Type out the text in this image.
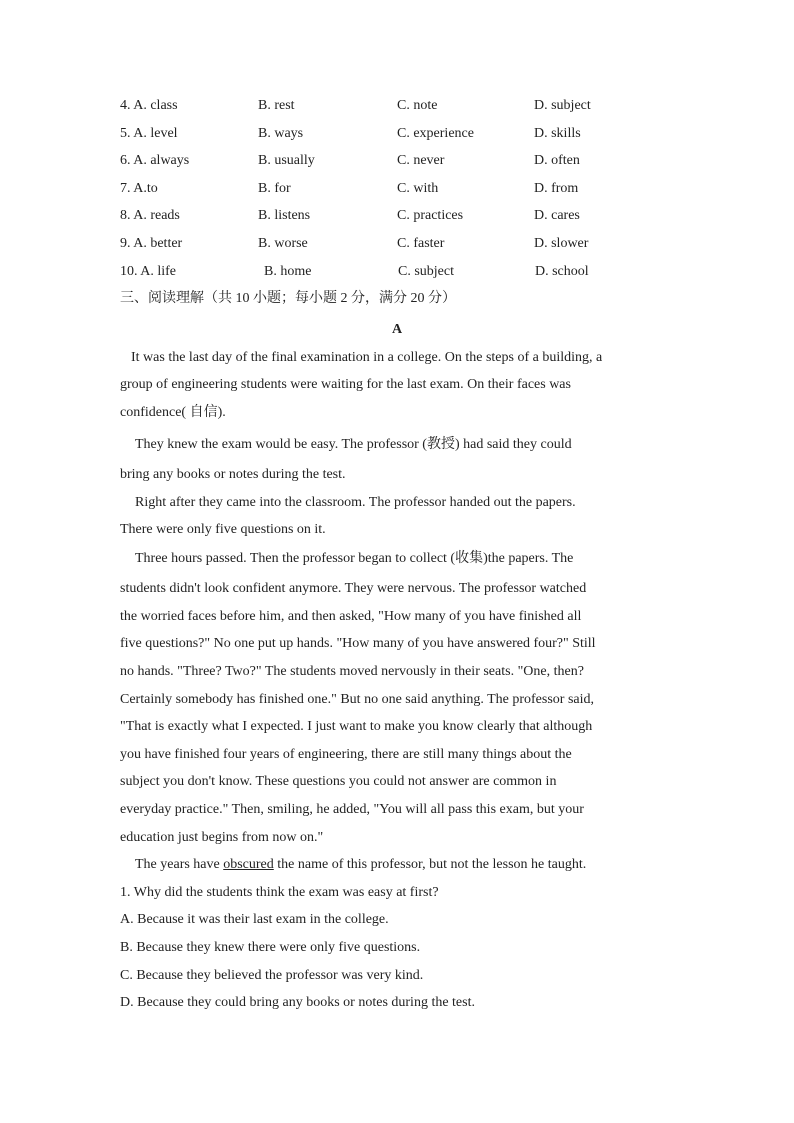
4. A. class	B. rest	C. note	D. subject
5. A. level	B. ways	C. experience	D. skills
6. A. always	B. usually	C. never	D. often
7. A.to	B. for	C. with	D. from
8. A. reads	B. listens	C. practices	D. cares
9. A. better	B. worse	C. faster	D. slower
10. A. life	B. home	C. subject	D. school
三、阅读理解（共 10 小题；每小题 2 分，满分 20 分）
A
It was the last day of the final examination in a college. On the steps of a building, a
group of engineering students were waiting for the last exam. On their faces was
confidence( 自信).
They knew the exam would be easy. The professor (教授) had said they could
bring any books or notes during the test.
Right after they came into the classroom. The professor handed out the papers.
There were only five questions on it.
Three hours passed. Then the professor began to collect (收集)the papers. The
students didn't look confident anymore. They were nervous. The professor watched
the worried faces before him, and then asked, "How many of you have finished all
five questions?" No one put up hands. "How many of you have answered four?" Still
no hands. "Three? Two?" The students moved nervously in their seats. "One, then?
Certainly somebody has finished one." But no one said anything. The professor said,
"That is exactly what I expected. I just want to make you know clearly that although
you have finished four years of engineering, there are still many things about the
subject you don't know. These questions you could not answer are common in
everyday practice." Then, smiling, he added, "You will all pass this exam, but your
education just begins from now on."
The years have obscured the name of this professor, but not the lesson he taught.
1. Why did the students think the exam was easy at first?
A. Because it was their last exam in the college.
B. Because they knew there were only five questions.
C. Because they believed the professor was very kind.
D. Because they could bring any books or notes during the test.
